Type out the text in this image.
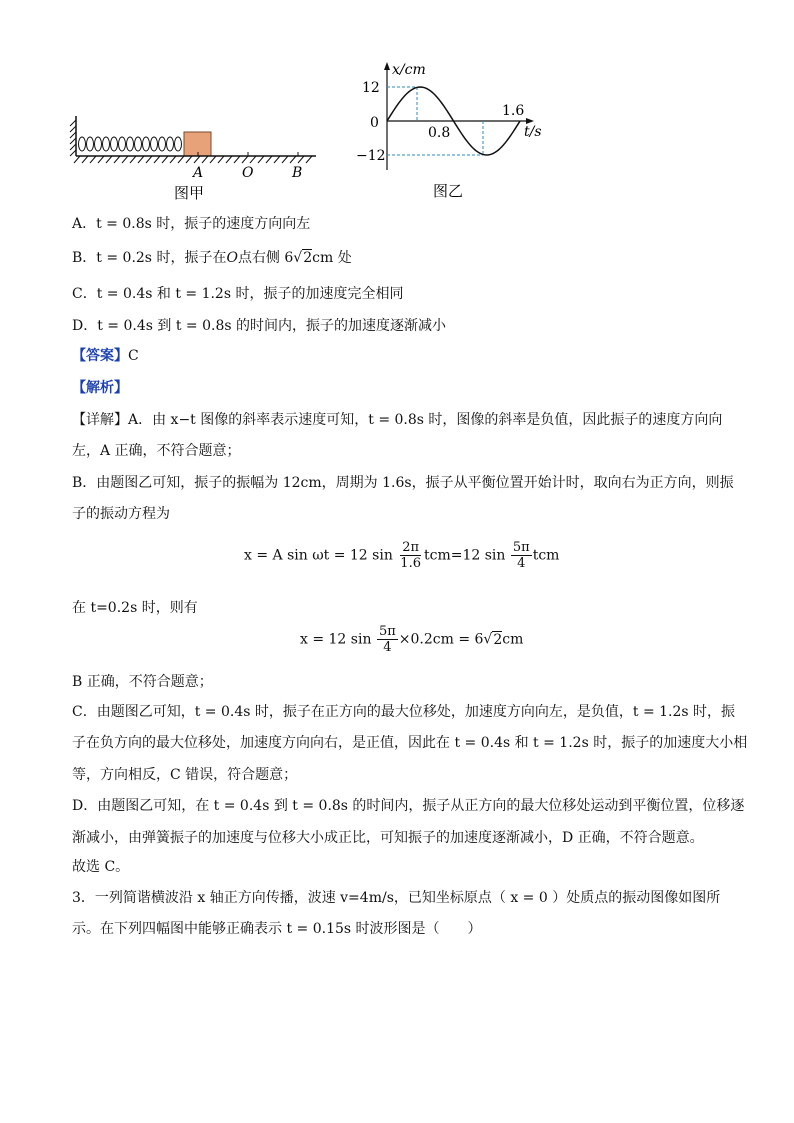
A	O	B
图甲
x/cm
t/s
0
12
−12
0.8
1.6
图乙
A．t = 0.8s 时，振子的速度方向向左
B．t = 0.2s 时，振子在O点右侧 6√2cm 处
C．t = 0.4s 和 t = 1.2s 时，振子的加速度完全相同
D．t = 0.4s 到 t = 0.8s 的时间内，振子的加速度逐渐减小
【答案】C
【解析】
【详解】A．由 x−t 图像的斜率表示速度可知，t = 0.8s 时，图像的斜率是负值，因此振子的速度方向向
左，A 正确，不符合题意；
B．由题图乙可知，振子的振幅为 12cm，周期为 1.6s，振子从平衡位置开始计时，取向右为正方向，则振
子的振动方程为
x = A sin ωt = 12 $\sin \frac{2\pi}{1.6} tcm=12$ $\sin \frac{5\pi}{4}$ tcm
在 t=0.2s 时，则有
x = 12 $\sin \frac{5\pi}{4} \times 0.2cm = 6√2cm$
B 正确，不符合题意；
C．由题图乙可知，t = 0.4s 时，振子在正方向的最大位移处，加速度方向向左，是负值，t = 1.2s 时，振
子在负方向的最大位移处，加速度方向向右，是正值，因此在 t = 0.4s 和 t = 1.2s 时，振子的加速度大小相
等，方向相反，C 错误，符合题意；
D．由题图乙可知，在 t = 0.4s 到 t = 0.8s 的时间内，振子从正方向的最大位移处运动到平衡位置，位移逐
渐减小，由弹簧振子的加速度与位移大小成正比，可知振子的加速度逐渐减小，D 正确，不符合题意。
故选 C。
3．一列简谐横波沿 x 轴正方向传播，波速 v=4m/s，已知坐标原点（ x = 0 ）处质点的振动图像如图所
示。在下列四幅图中能够正确表示 t = 0.15s 时波形图是（　　）
